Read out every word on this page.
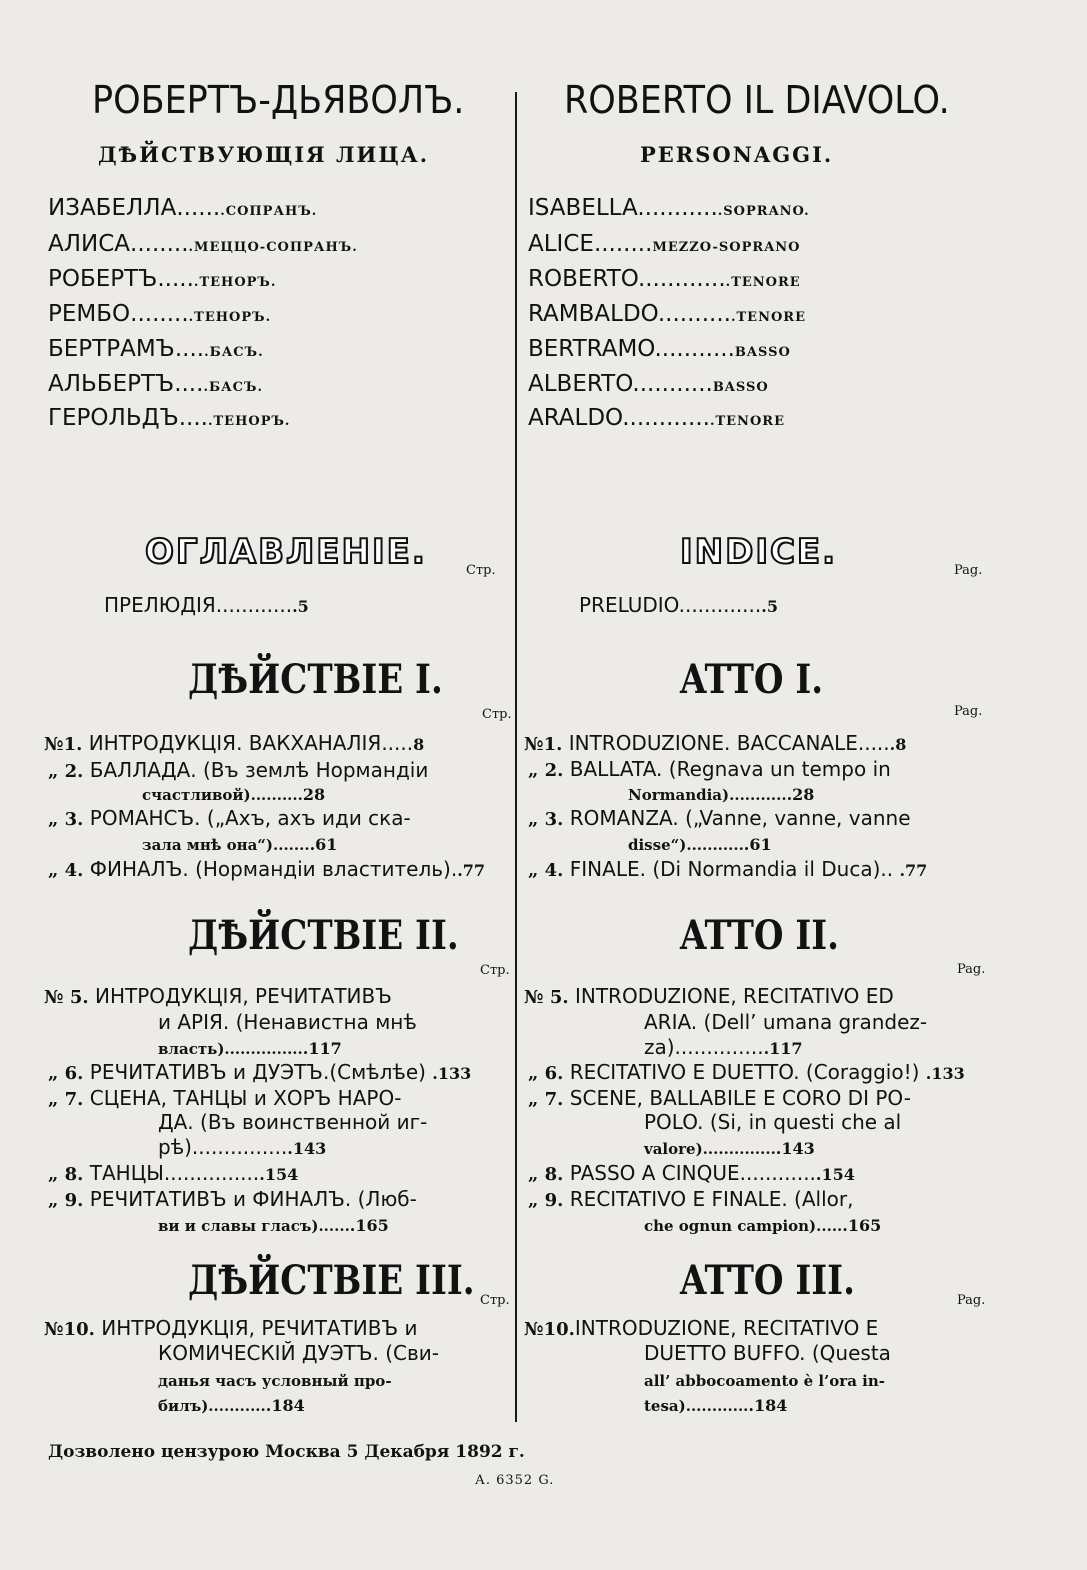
РОБЕРТЪ-ДЬЯВОЛЪ.
ДѢЙСТВУЮЩІЯ ЛИЦА.
ИЗАБЕЛЛА.......СОПРАНЪ.
АЛИСА.........МЕЦЦО-СОПРАНЪ.
РОБЕРТЪ......ТЕНОРЪ.
РЕМБО.........ТЕНОРЪ.
БЕРТРАМЪ.....БАСЪ.
АЛЬБЕРТЪ.....БАСЪ.
ГЕРОЛЬДЪ.....ТЕНОРЪ.
ОГЛАВЛЕНІЕ.	Стр.
ПРЕЛЮДІЯ.............5
ДѢЙСТВІЕ I.
Стр.
№1. ИНТРОДУКЦІЯ. ВАКХАНАЛІЯ.....8
„ 2. БАЛЛАДА. (Въ землѣ Нормандіи
счастливой)..........28
„ 3. РОМАНСЪ. („Ахъ, ахъ иди ска-
зала мнѣ она“)........61
„ 4. ФИНАЛЪ. (Нормандіи властитель)..77
ДѢЙСТВІЕ II.
Стр.
№ 5. ИНТРОДУКЦІЯ, РЕЧИТАТИВЪ
и АРІЯ. (Ненавистна мнѣ
власть)................117
„ 6. РЕЧИТАТИВЪ и ДУЭТЪ.(Смѣлѣе) .133
„ 7. СЦЕНА, ТАНЦЫ и ХОРЪ НАРО-
ДА. (Въ воинственной иг-
рѣ)................143
„ 8. ТАНЦЫ................154
„ 9. РЕЧИТАТИВЪ и ФИНАЛЪ. (Люб-
ви и славы гласъ).......165
ДѢЙСТВІЕ III. Стр.
№10. ИНТРОДУКЦІЯ, РЕЧИТАТИВЪ и
КОМИЧЕСКІЙ ДУЭТЪ. (Сви-
данья часъ условный про-
билъ)............184
Дозволено цензурою Москва 5 Декабря 1892 г.
А. 6352 G.
ROBERTO IL DIAVOLO.
PERSONAGGI.
ISABELLA............SOPRANO.
ALICE........MEZZO-SOPRANO
ROBERTO.............TENORE
RAMBALDO...........TENORE
BERTRAMO...........BASSO
ALBERTO...........BASSO
ARALDO.............TENORE
INDICE.	Pag.
PRELUDIO..............5
ATTO I.
Pag.
№1. INTRODUZIONE. BACCANALE......8
„ 2. BALLATA. (Regnava un tempo in
Normandia)............28
„ 3. ROMANZA. („Vanne, vanne, vanne
disse“)............61
„ 4. FINALE. (Di Normandia il Duca).. .77
ATTO II.
Pag.
№ 5. INTRODUZIONE, RECITATIVO ED
ARIA. (Dell’ umana grandez-
za)...............117
„ 6. RECITATIVO E DUETTO. (Coraggio!) .133
„ 7. SCENE, BALLABILE E CORO DI PO-
POLO. (Si, in questi che al
valore)...............143
„ 8. PASSO A CINQUE.............154
„ 9. RECITATIVO E FINALE. (Allor,
che ognun campion)......165
ATTO III.	Pag.
№10.INTRODUZIONE, RECITATIVO E
DUETTO BUFFO. (Questa
all’ abbocoamento è l’ora in-
tesa).............184
